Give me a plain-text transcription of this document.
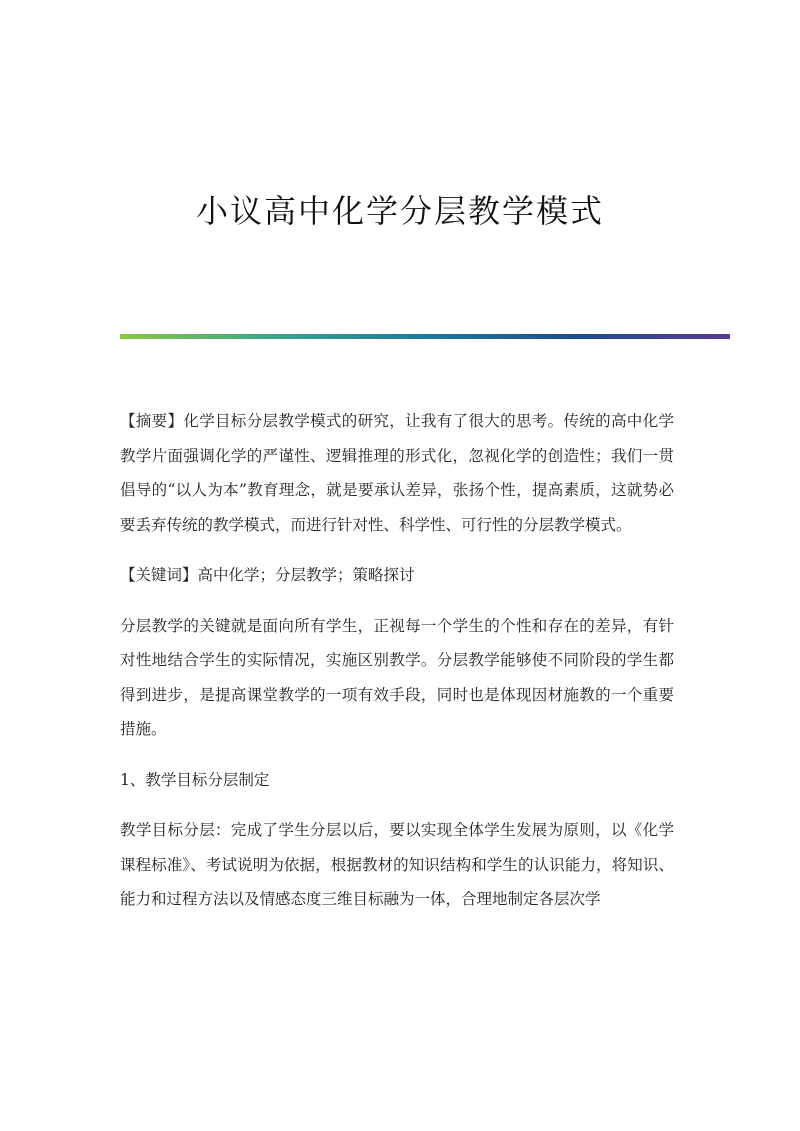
小议高中化学分层教学模式

【摘要】化学目标分层教学模式的研究，让我有了很大的思考。传统的高中化学教学片面强调化学的严谨性、逻辑推理的形式化，忽视化学的创造性；我们一贯倡导的“以人为本”教育理念，就是要承认差异，张扬个性，提高素质，这就势必要丢弃传统的教学模式，而进行针对性、科学性、可行性的分层教学模式。

【关键词】高中化学；分层教学；策略探讨

分层教学的关键就是面向所有学生，正视每一个学生的个性和存在的差异，有针对性地结合学生的实际情况，实施区别教学。分层教学能够使不同阶段的学生都得到进步，是提高课堂教学的一项有效手段，同时也是体现因材施教的一个重要措施。

1、教学目标分层制定

教学目标分层：完成了学生分层以后，要以实现全体学生发展为原则，以《化学课程标准》、考试说明为依据，根据教材的知识结构和学生的认识能力，将知识、能力和过程方法以及情感态度三维目标融为一体，合理地制定各层次学
